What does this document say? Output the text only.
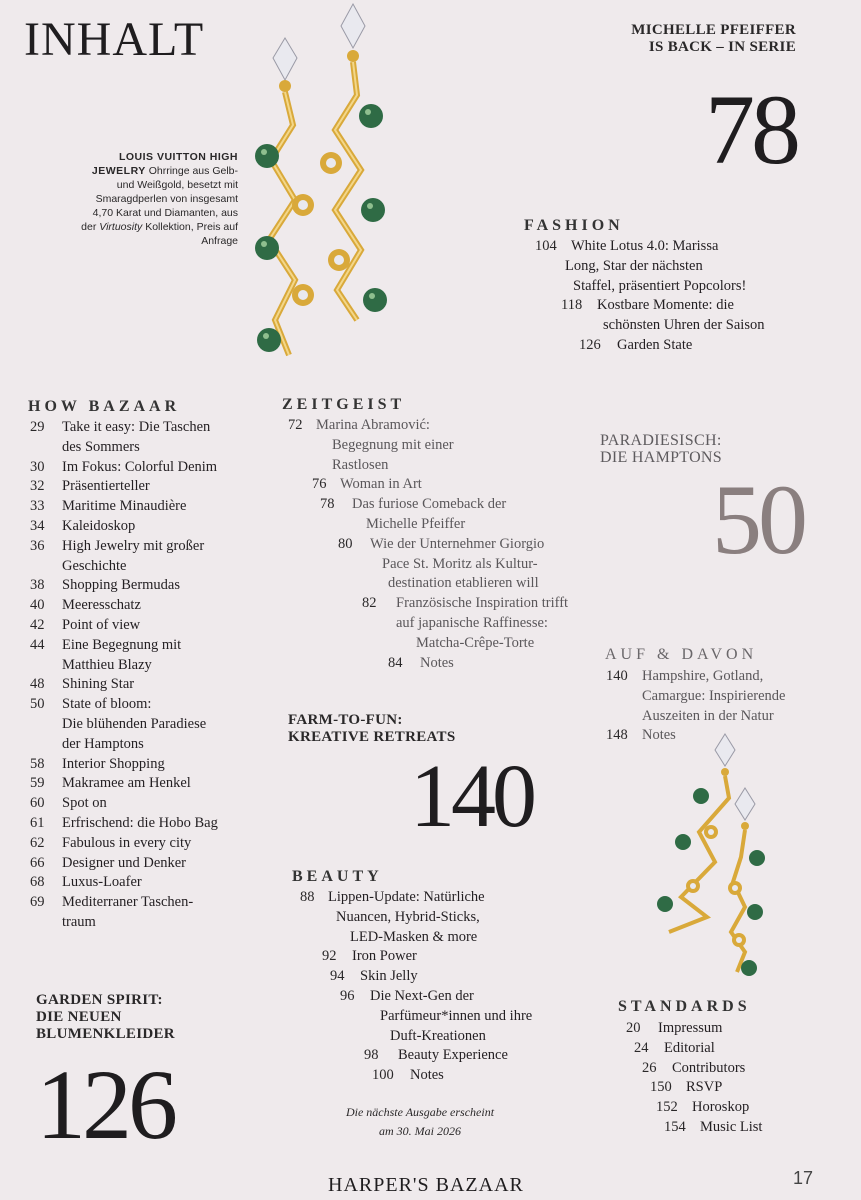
INHALT
LOUIS VUITTON HIGH JEWELRY Ohrringe aus Gelb- und Weißgold, besetzt mit Smaragdperlen von insgesamt 4,70 Karat und Diamanten, aus der Virtuosity Kollektion, Preis auf Anfrage
MICHELLE PFEIFFER
IS BACK – IN SERIE
78
FASHION
104 White Lotus 4.0: Marissa
Long, Star der nächsten
Staffel, präsentiert Popcolors!
118 Kostbare Momente: die
schönsten Uhren der Saison
126 Garden State
HOW BAZAAR
29	Take it easy: Die Taschen
des Sommers
30	Im Fokus: Colorful Denim
32	Präsentierteller
33	Maritime Minaudière
34	Kaleidoskop
36	High Jewelry mit großer
Geschichte
38	Shopping Bermudas
40	Meeresschatz
42	Point of view
44	Eine Begegnung mit
Matthieu Blazy
48	Shining Star
50	State of bloom:
Die blühenden Paradiese
der Hamptons
58	Interior Shopping
59	Makramee am Henkel
60	Spot on
61	Erfrischend: die Hobo Bag
62	Fabulous in every city
66	Designer und Denker
68	Luxus-Loafer
69	Mediterraner Taschen-
traum
ZEITGEIST
72 Marina Abramović:
Begegnung mit einer
Rastlosen
76 Woman in Art
78 Das furiose Comeback der
Michelle Pfeiffer
80 Wie der Unternehmer Giorgio
Pace St. Moritz als Kultur-
destination etablieren will
82 Französische Inspiration trifft
auf japanische Raffinesse:
Matcha-Crêpe-Torte
84 Notes
PARADIESISCH:
DIE HAMPTONS
50
AUF & DAVON
140 Hampshire, Gotland,
Camargue: Inspirierende
Auszeiten in der Natur
148 Notes
FARM-TO-FUN:
KREATIVE RETREATS
140
BEAUTY
88 Lippen-Update: Natürliche
Nuancen, Hybrid-Sticks,
LED-Masken & more
92 Iron Power
94 Skin Jelly
96 Die Next-Gen der
Parfümeur*innen und ihre
Duft-Kreationen
98 Beauty Experience
100 Notes
STANDARDS
20 Impressum
24 Editorial
26 Contributors
150 RSVP
152 Horoskop
154 Music List
GARDEN SPIRIT:
DIE NEUEN
BLUMENKLEIDER
126	Die nächste Ausgabe erscheint
am 30. Mai 2026
HARPER'S BAZAAR	17
